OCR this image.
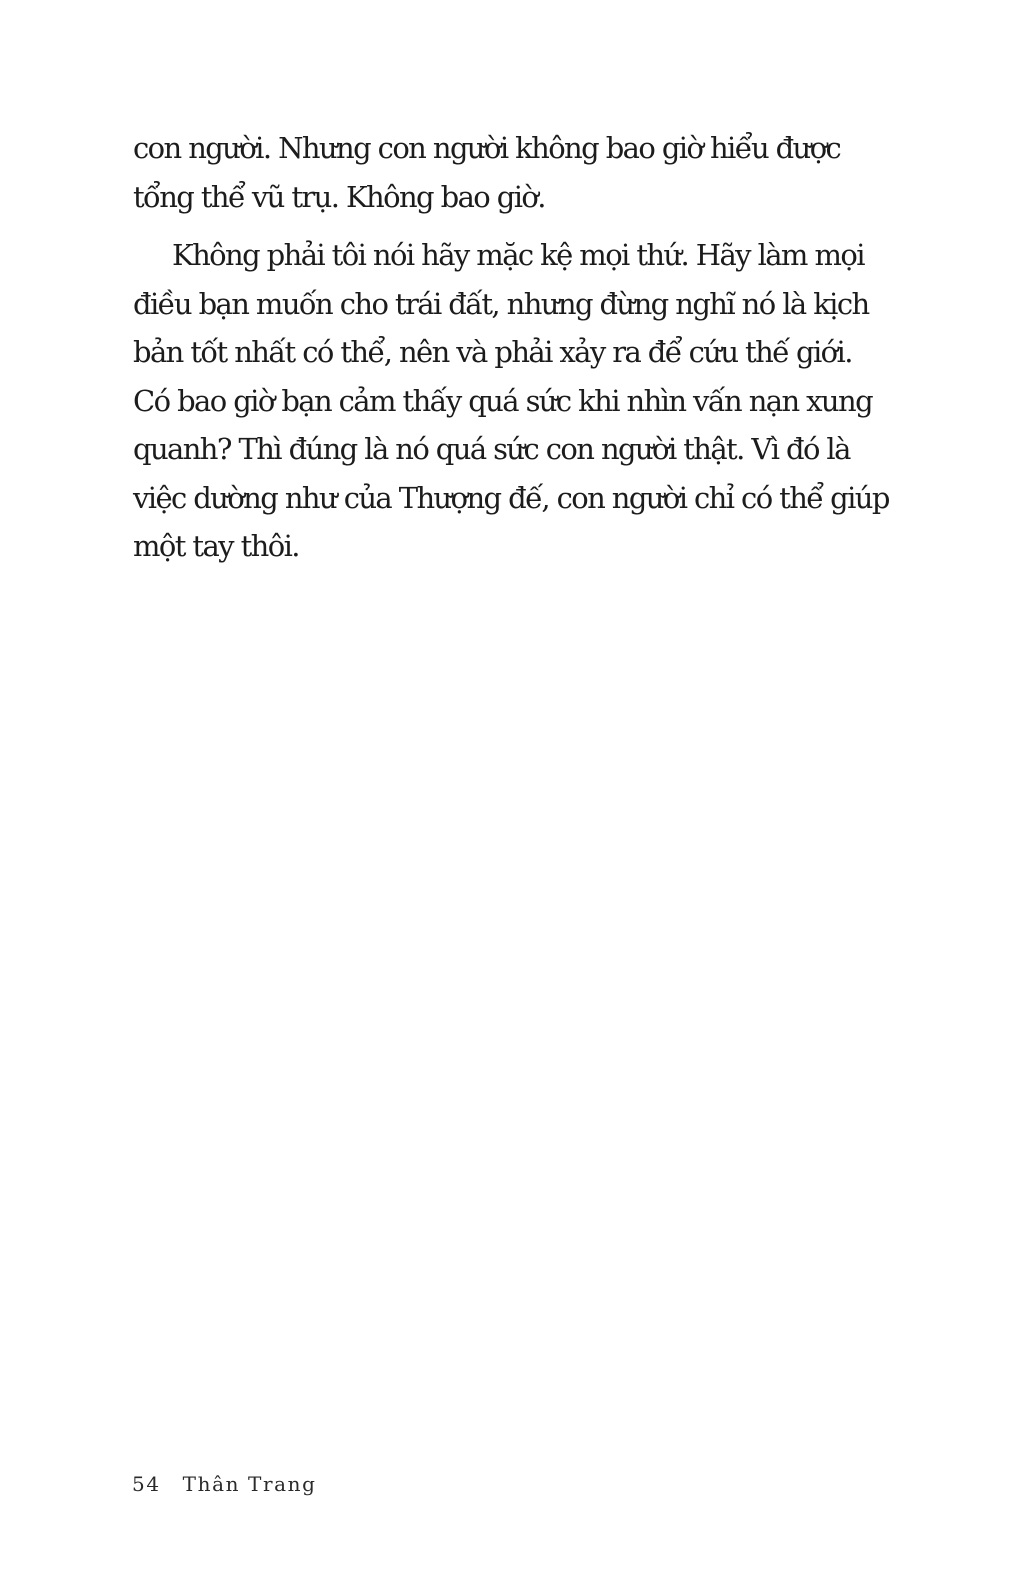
con người. Nhưng con người không bao giờ hiểu được
tổng thể vũ trụ. Không bao giờ.
Không phải tôi nói hãy mặc kệ mọi thứ. Hãy làm mọi
điều bạn muốn cho trái đất, nhưng đừng nghĩ nó là kịch
bản tốt nhất có thể, nên và phải xảy ra để cứu thế giới.
Có bao giờ bạn cảm thấy quá sức khi nhìn vấn nạn xung
quanh? Thì đúng là nó quá sức con người thật. Vì đó là
việc dường như của Thượng đế, con người chỉ có thể giúp
một tay thôi.
54 Thân Trang
